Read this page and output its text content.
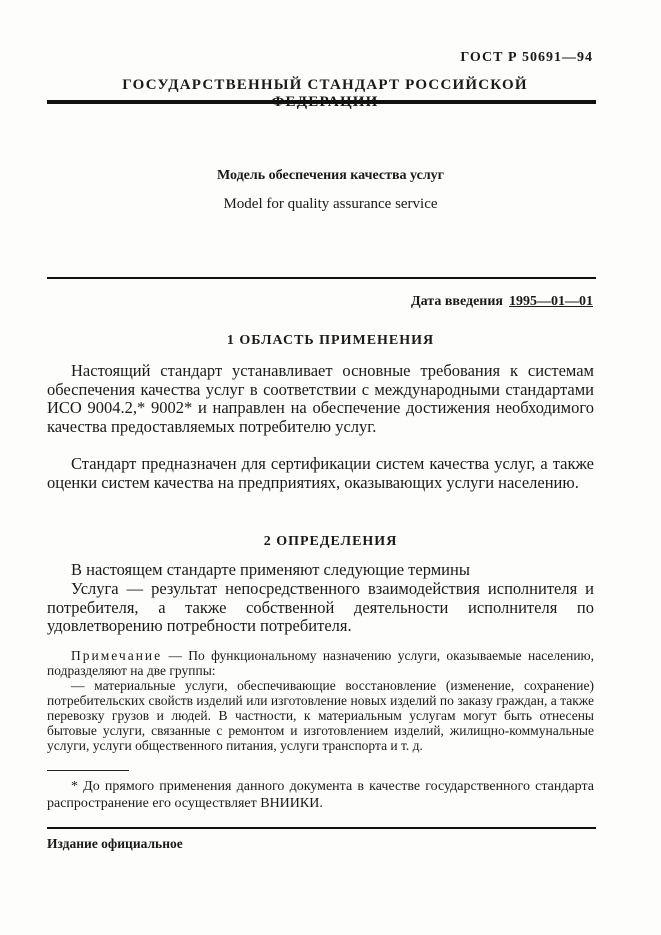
ГОСТ Р 50691—94
ГОСУДАРСТВЕННЫЙ СТАНДАРТ РОССИЙСКОЙ
Модель обеспечения качества услуг
Model for quality assurance service
Дата введения 1995—01—01
1 ОБЛАСТЬ ПРИМЕНЕНИЯ
Настоящий стандарт устанавливает основные требования к системам обеспечения качества услуг в соответствии с международными стандартами ИСО 9004.2,* 9002* и направлен на обеспечение достижения необходимого качества предоставляемых потребителю услуг.
Стандарт предназначен для сертификации систем качества услуг, а также оценки систем качества на предприятиях, оказывающих услуги населению.
2 ОПРЕДЕЛЕНИЯ
В настоящем стандарте применяют следующие термины
Услуга — результат непосредственного взаимодействия исполнителя и потребителя, а также собственной деятельности исполнителя по удовлетворению потребности потребителя.
Примечание — По функциональному назначению услуги, оказываемые населению, подразделяют на две группы:
— материальные услуги, обеспечивающие восстановление (изменение, сохранение) потребительских свойств изделий или изготовление новых изделий по заказу граждан, а также перевозку грузов и людей. В частности, к материальным услугам могут быть отнесены бытовые услуги, связанные с ремонтом и изготовлением изделий, жилищно-коммунальные услуги, услуги общественного питания, услуги транспорта и т. д.
* До прямого применения данного документа в качестве государственного стандарта распространение его осуществляет ВНИИКИ.
Издание официальное
